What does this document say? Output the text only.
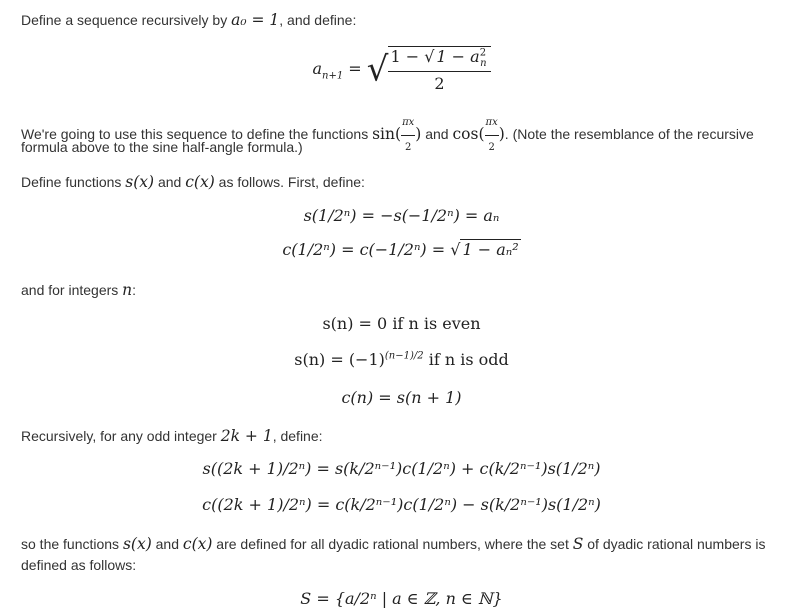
Define a sequence recursively by a₀ = 1, and define:
$a_{n+1}$ = √ $\frac{1 - √ 1 - a^2_n}{2}$
We're going to use this sequence to define the functions $\sin( \frac{\pi x}{2}$ ) and $\cos( \frac{\pi x}{2}$ ). (Note the resemblance of the recursive
formula above to the sine half-angle formula.)
Define functions s(x) and c(x) as follows. First, define:
s(1/2ⁿ) = −s(−1/2ⁿ) = aₙ
c(1/2ⁿ) = c(−1/2ⁿ) = √ 1 − aₙ²
and for integers n:
s(n) = 0 if n is even
$s(n) = (-1)^{(n-1)/2}$ if n is odd
c(n) = s(n + 1)
Recursively, for any odd integer 2k + 1, define:
s((2k + 1)/2ⁿ) = s(k/2ⁿ⁻¹)c(1/2ⁿ) + c(k/2ⁿ⁻¹)s(1/2ⁿ)
c((2k + 1)/2ⁿ) = c(k/2ⁿ⁻¹)c(1/2ⁿ) − s(k/2ⁿ⁻¹)s(1/2ⁿ)
so the functions s(x) and c(x) are defined for all dyadic rational numbers, where the set S of dyadic rational numbers is
defined as follows:
S = {a/2ⁿ | a ∈ ℤ, n ∈ ℕ}
